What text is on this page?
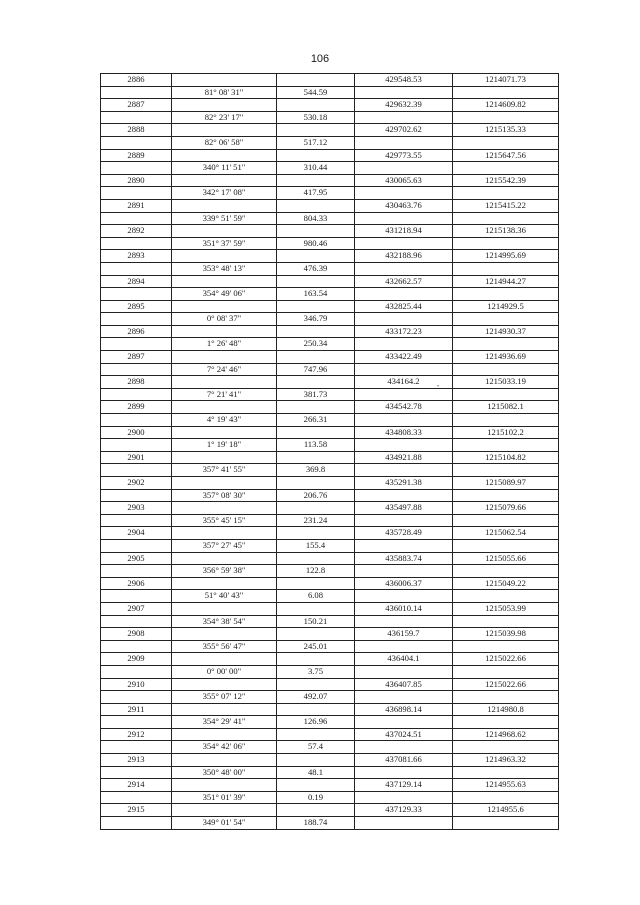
106
2886			429548.53	1214071.73
	81° 08' 31"	544.59		
2887			429632.39	1214609.82
	82° 23' 17"	530.18		
2888			429702.62	1215135.33
	82° 06' 58"	517.12		
2889			429773.55	1215647.56
	340° 11' 51"	310.44		
2890			430065.63	1215542.39
	342° 17' 08"	417.95		
2891			430463.76	1215415.22
	339° 51' 59"	804.33		
2892			431218.94	1215138.36
	351° 37' 59"	980.46		
2893			432188.96	1214995.69
	353° 48' 13"	476.39		
2894			432662.57	1214944.27
	354° 49' 06"	163.54		
2895			432825.44	1214929.5
	0° 08' 37"	346.79		
2896			433172.23	1214930.37
	1° 26' 48"	250.34		
2897			433422.49	1214936.69
	7° 24' 46"	747.96		
2898			434164.2	1215033.19
	7° 21' 41"	381.73		
2899			434542.78	1215082.1
	4° 19' 43"	266.31		
2900			434808.33	1215102.2
	1° 19' 18"	113.58		
2901			434921.88	1215104.82
	357° 41' 55"	369.8		
2902			435291.38	1215089.97
	357° 08' 30"	206.76		
2903			435497.88	1215079.66
	355° 45' 15"	231.24		
2904			435728.49	1215062.54
	357° 27' 45"	155.4		
2905			435883.74	1215055.66
	356° 59' 38"	122.8		
2906			436006.37	1215049.22
	51° 40' 43"	6.08		
2907			436010.14	1215053.99
	354° 38' 54"	150.21		
2908			436159.7	1215039.98
	355° 56' 47"	245.01		
2909			436404.1	1215022.66
	0° 00' 00"	3.75		
2910			436407.85	1215022.66
	355° 07' 12"	492.07		
2911			436898.14	1214980.8
	354° 29' 41"	126.96		
2912			437024.51	1214968.62
	354° 42' 06"	57.4		
2913			437081.66	1214963.32
	350° 48' 00"	48.1		
2914			437129.14	1214955.63
	351° 01' 39"	0.19		
2915			437129.33	1214955.6
	349° 01' 54"	188.74		
•
